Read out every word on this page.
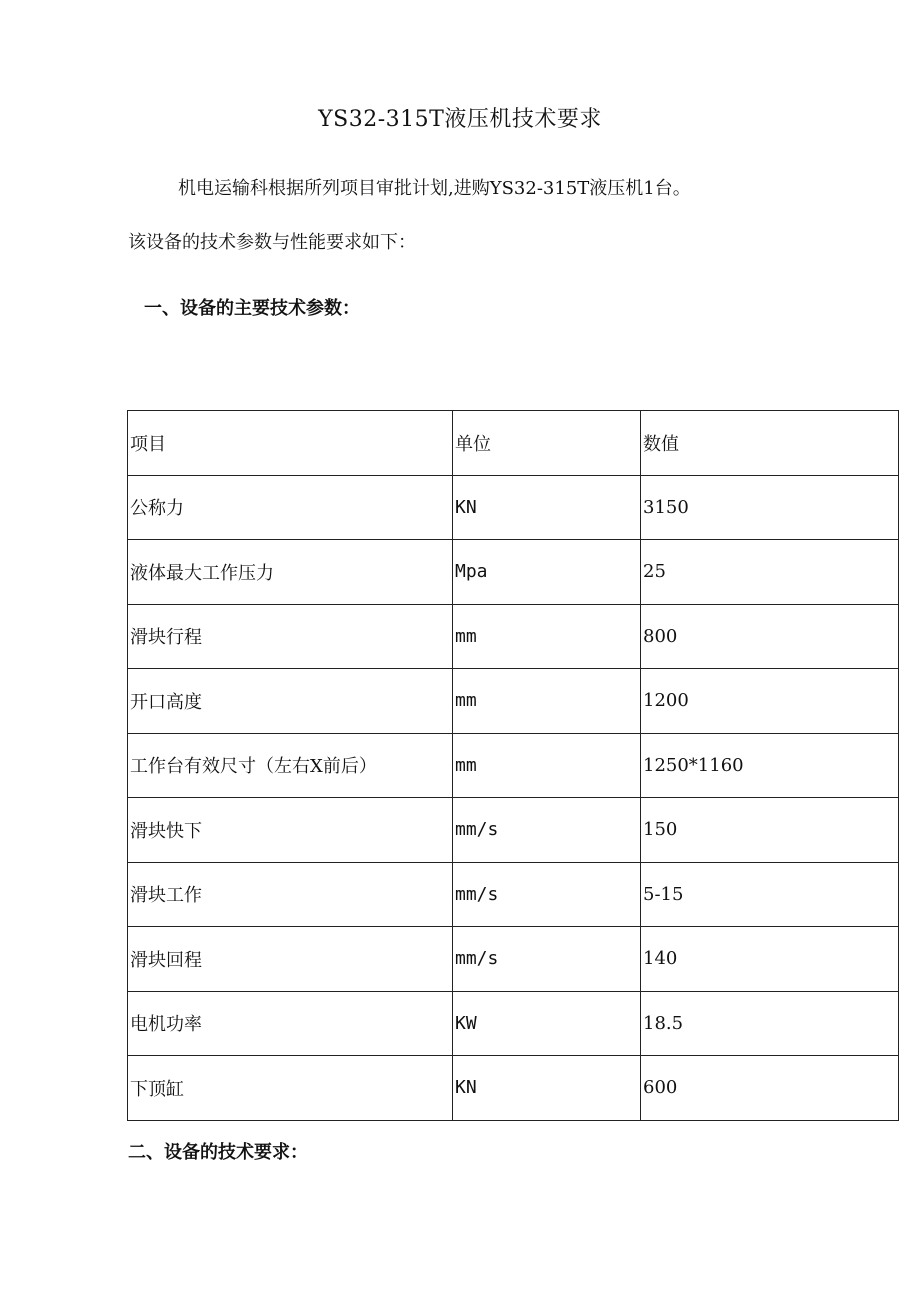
YS32-315T液压机技术要求
机电运输科根据所列项目审批计划,进购YS32-315T液压机1台。
该设备的技术参数与性能要求如下：
一、设备的主要技术参数：
项目	单位	数值
公称力	KN	3150
液体最大工作压力	Mpa	25
滑块行程	mm	800
开口高度	mm	1200
工作台有效尺寸（左右X前后）	mm	1250*1160
滑块快下	mm/s	150
滑块工作	mm/s	5-15
滑块回程	mm/s	140
电机功率	KW	18.5
下顶缸	KN	600
二、设备的技术要求：
